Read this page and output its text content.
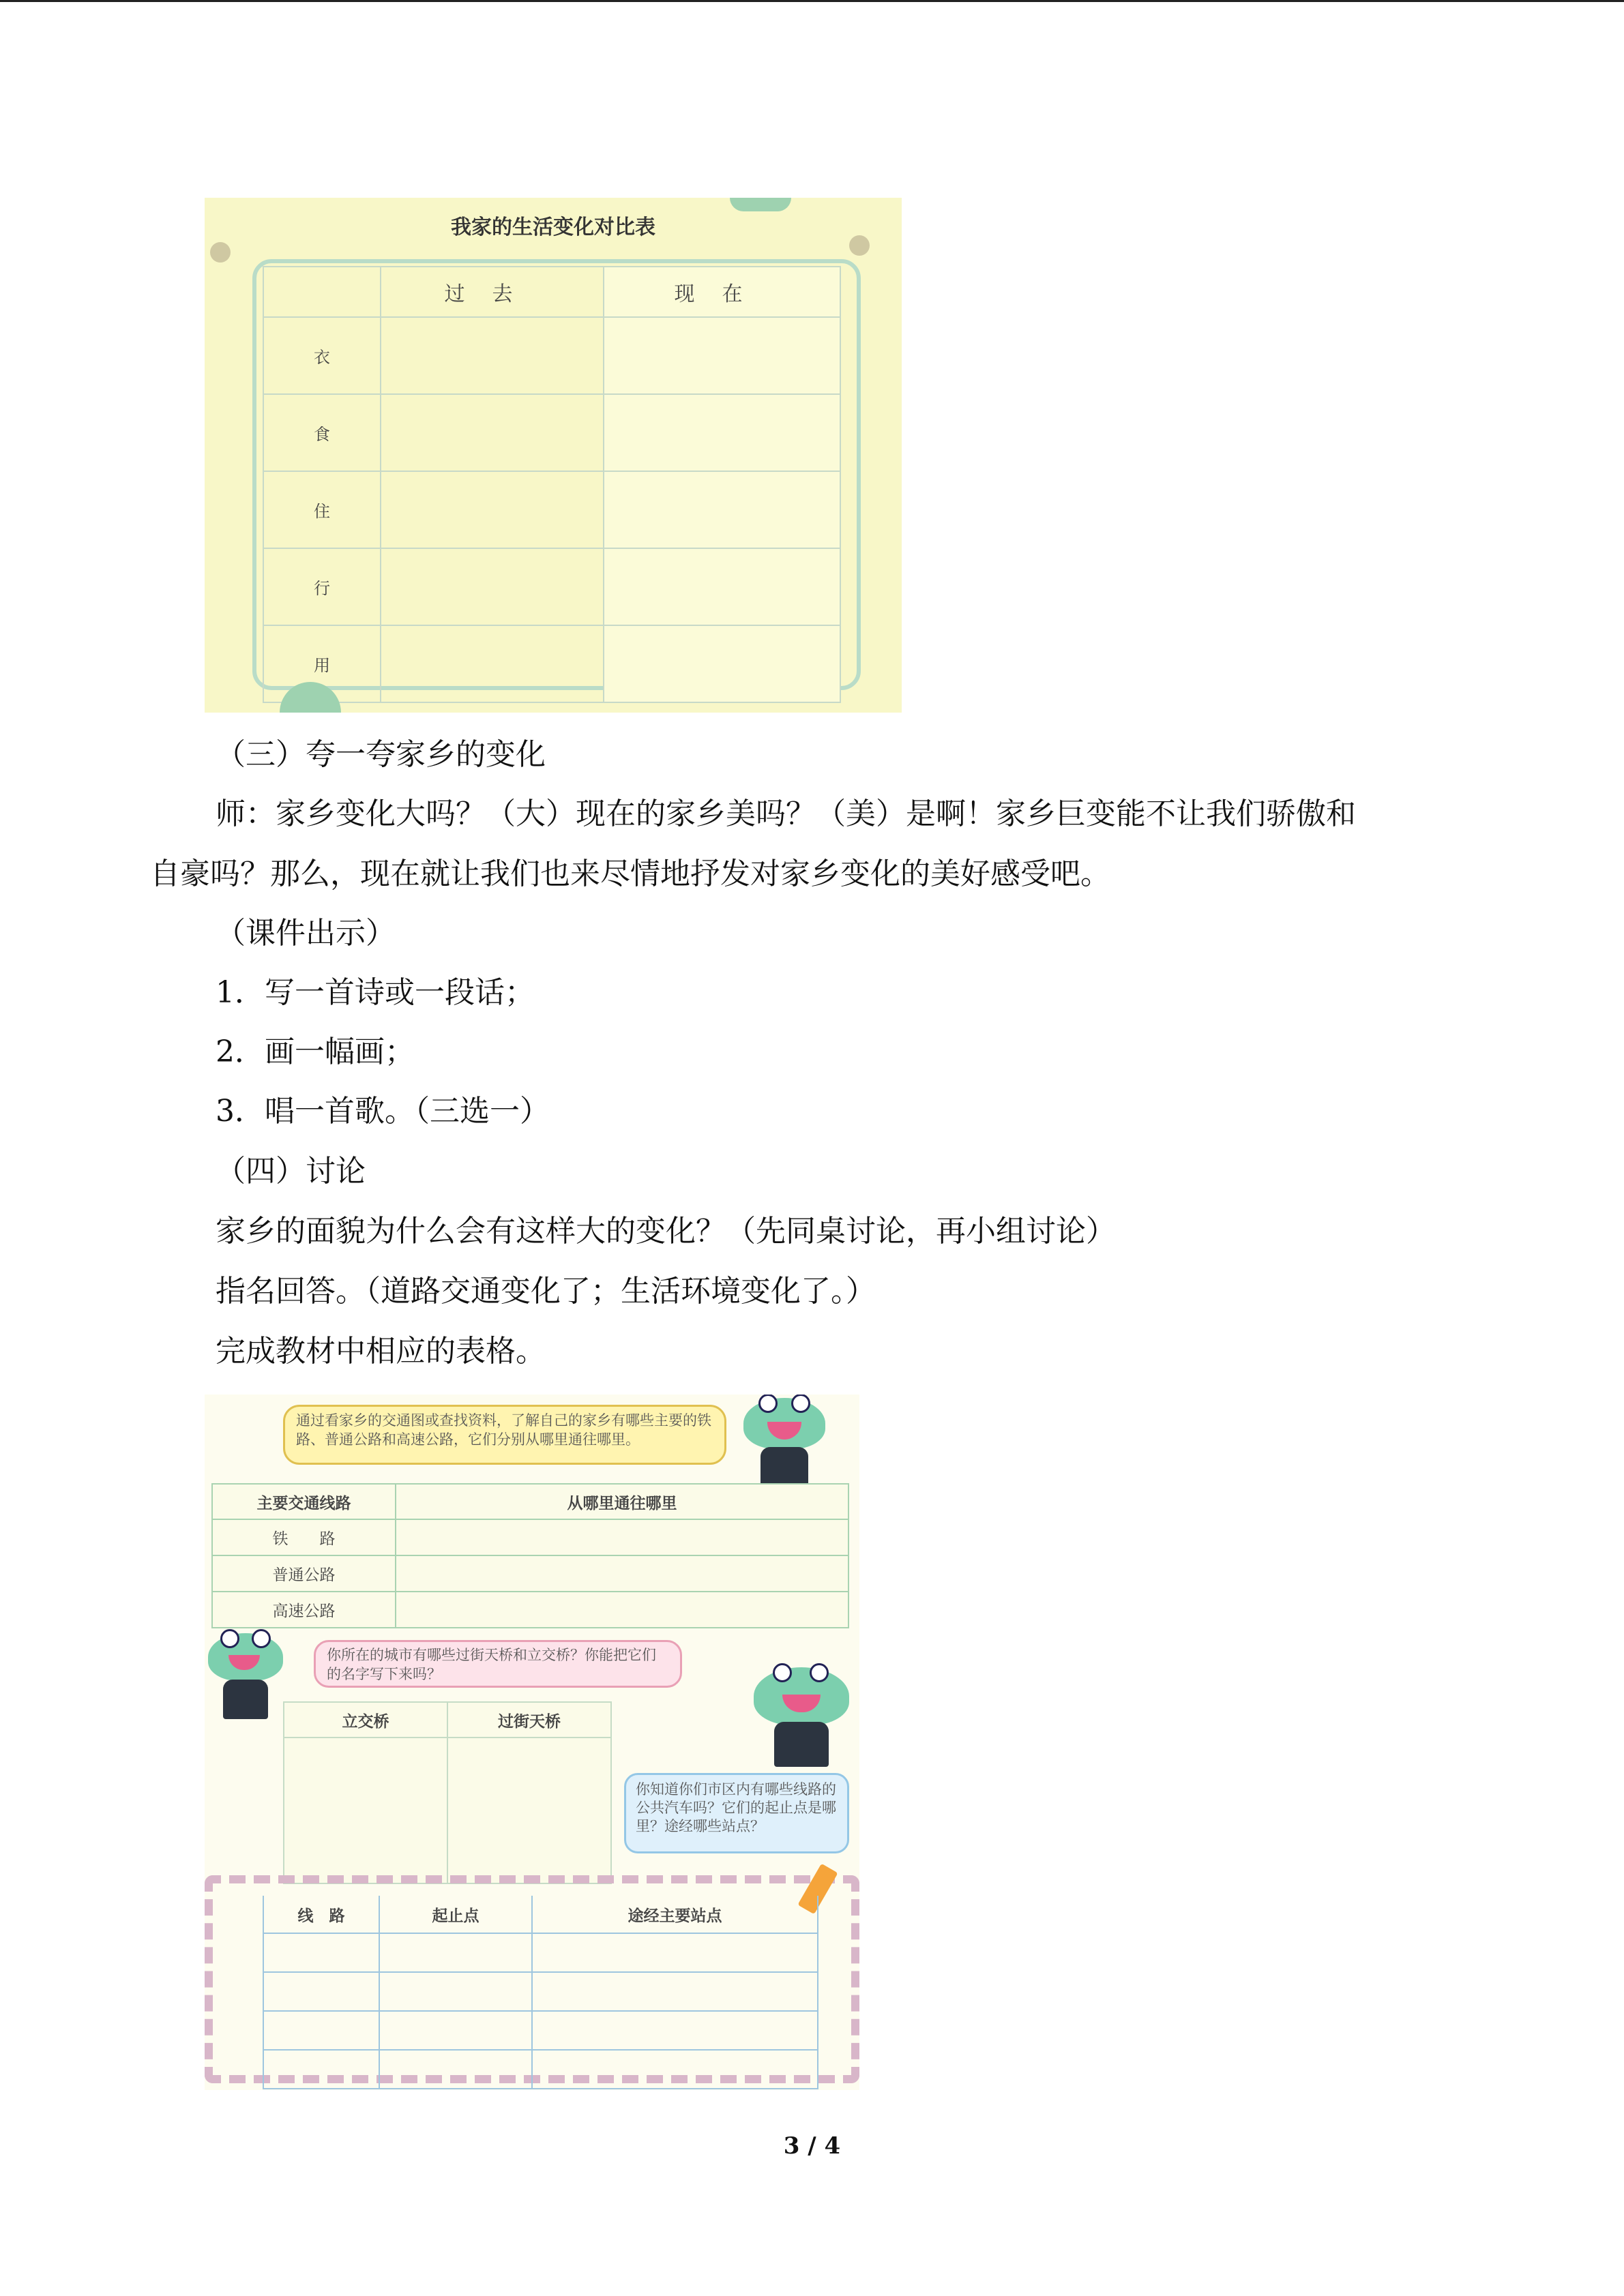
我家的生活变化对比表
	过去	现在
衣		
食		
住		
行		
用		
（三）夸一夸家乡的变化
师：家乡变化大吗？（大）现在的家乡美吗？（美）是啊！家乡巨变能不让我们骄傲和
自豪吗？那么，现在就让我们也来尽情地抒发对家乡变化的美好感受吧。
（课件出示）
1．写一首诗或一段话；
2．画一幅画；
3．唱一首歌。（三选一）
（四）讨论
家乡的面貌为什么会有这样大的变化？（先同桌讨论，再小组讨论）
指名回答。（道路交通变化了；生活环境变化了。）
完成教材中相应的表格。
通过看家乡的交通图或查找资料，了解自己的家乡有哪些主要的铁路、普通公路和高速公路，它们分别从哪里通往哪里。
主要交通线路	从哪里通往哪里
铁　　路	
普通公路	
高速公路	
你所在的城市有哪些过街天桥和立交桥？你能把它们的名字写下来吗？
立交桥	过街天桥

你知道你们市区内有哪些线路的公共汽车吗？它们的起止点是哪里？途经哪些站点？
线　路	起止点	途经主要站点

3 / 4
